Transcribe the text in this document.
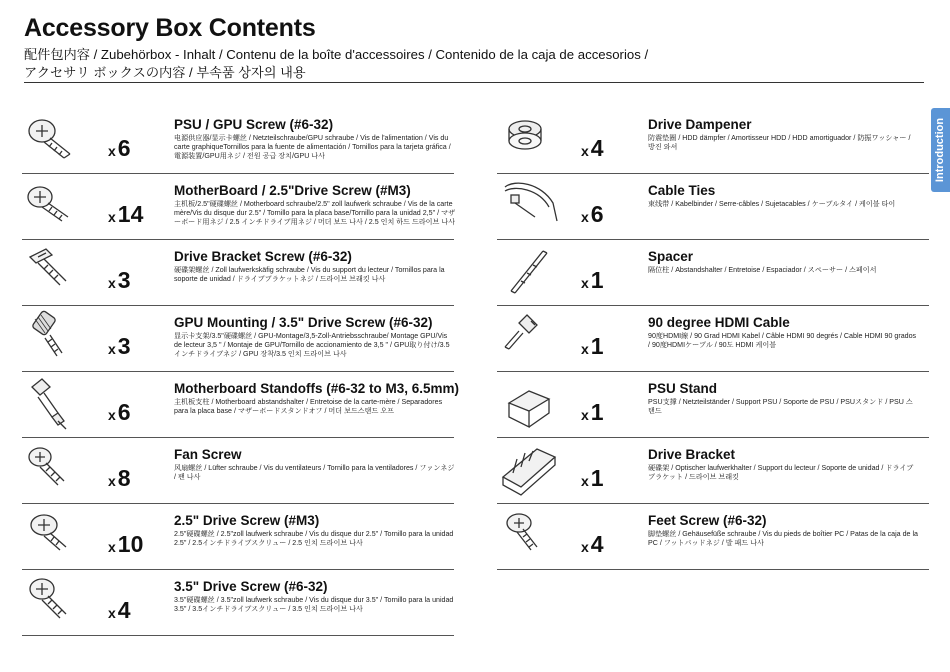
Accessory Box Contents
配件包内容 / Zubehörbox - Inhalt / Contenu de la boîte d'accessoires / Contenido de la caja de accesorios /
アクセサリ ボックスの内容 / 부속품 상자의 내용
Introduction
x6
PSU / GPU Screw (#6-32)
电源供应器/显示卡螺丝 / Netzteilschraube/GPU schraube / Vis de l'alimentation / Vis du carte graphiqueTornillos para la fuente de alimentación / Tornillos para la tarjeta gráfica / 電源装置/GPU用ネジ / 전원 공급 장치/GPU 나사
x14
MotherBoard / 2.5"Drive Screw (#M3)
主机板/2.5"硬碟螺丝 / Motherboard schraube/2.5" zoll laufwerk schraube / Vis de la carte mère/Vis du disque dur 2.5" / Tornillo para la placa base/Tornillo para la unidad 2,5" / マザーボード用ネジ / 2.5 インチドライブ用ネジ / 머더 보드 나사 / 2.5 인치 하드 드라이브 나사
x3
Drive Bracket Screw (#6-32)
硬碟架螺丝 / Zoll laufwerkskäfig schraube / Vis du support du lecteur / Tornillos para la soporte de unidad / ドライブブラケットネジ / 드라이브 브래킷 나사
x3
GPU Mounting / 3.5" Drive Screw (#6-32)
显示卡支架/3.5"硬碟螺丝 / GPU-Montage/3,5-Zoll-Antriebsschraube/ Montage GPU/Vis de lecteur 3,5 " / Montaje de GPU/Tornillo de accionamiento de 3,5 " / GPU取り付け/3.5インチドライブネジ / GPU 장착/3.5 인치 드라이브 나사
x6
Motherboard Standoffs (#6-32 to M3, 6.5mm)
主机板支柱 / Motherboard abstandshalter / Entretoise de la carte-mère / Separadores para la placa base / マザーボードスタンドオフ / 머더 보드스탠드 오프
x8
Fan Screw
风扇螺丝 / Lüfter schraube / Vis du ventilateurs / Tornillo para la ventiladores / ファンネジ / 팬 나사
x10
2.5" Drive Screw (#M3)
2.5"硬碟螺丝 / 2.5"zoll laufwerk schraube / Vis du disque dur 2.5" / Tornillo para la unidad 2.5" / 2.5インチドライブスクリュー / 2.5 인치 드라이브 나사
x4
3.5" Drive Screw (#6-32)
3.5"硬碟螺丝 / 3.5"zoll laufwerk schraube / Vis du disque dur 3.5" / Tornillo para la unidad 3.5" / 3.5インチドライブスクリュー / 3.5 인치 드라이브 나사
x4
Drive Dampener
防震垫圈 / HDD dämpfer / Amortisseur HDD / HDD amortiguador / 防振ワッシャー / 방진 와셔
x6
Cable Ties
束线带 / Kabelbinder / Serre-câbles / Sujetacables / ケーブルタイ / 케이블 타이
x1
Spacer
隔位柱 / Abstandshalter / Entretoise / Espaciador / スペーサー / 스페이서
x1
90 degree HDMI Cable
90度HDMI線 / 90 Grad HDMI Kabel / Câble HDMI 90 degrés / Cable HDMI 90 grados / 90度HDMIケーブル / 90도 HDMI 케이블
x1
PSU Stand
PSU支撑 / Netzteilständer / Support PSU / Soporte de PSU / PSUスタンド / PSU 스탠드
x1
Drive Bracket
硬碟架 / Optischer laufwerkhalter / Support du lecteur / Soporte de unidad / ドライブブラケット / 드라이브 브래킷
x4
Feet Screw (#6-32)
脚垫螺丝 / Gehäusefüße schraube / Vis du pieds de boîtier PC / Patas de la caja de la PC / フットパッドネジ / 발 패드 나사
